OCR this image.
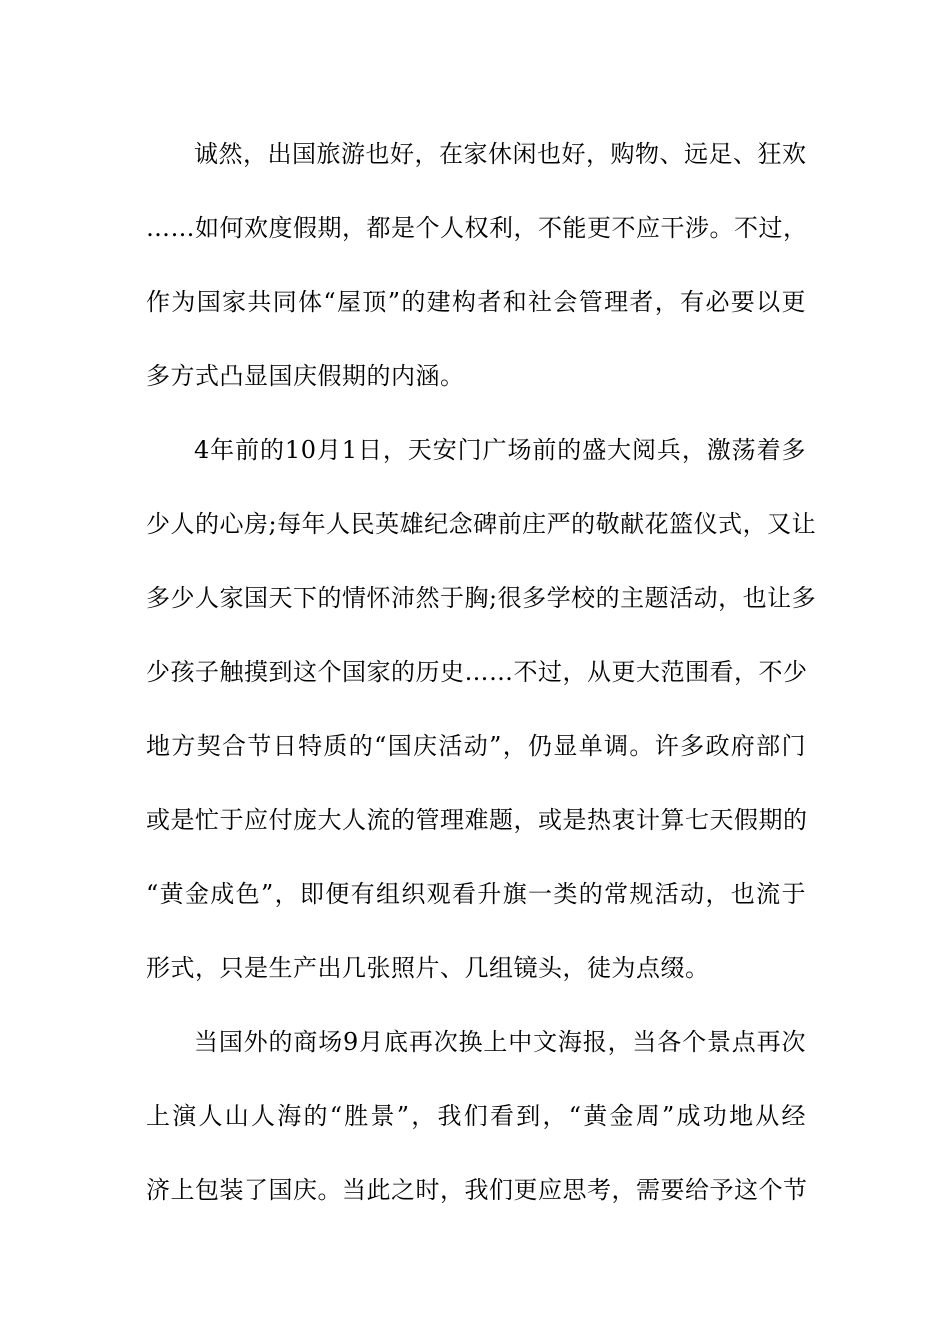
诚然，出国旅游也好，在家休闲也好，购物、远足、狂欢
……如何欢度假期，都是个人权利，不能更不应干涉。不过，
作为国家共同体“屋顶”的建构者和社会管理者，有必要以更
多方式凸显国庆假期的内涵。
4年前的10月1日，天安门广场前的盛大阅兵，激荡着多
少人的心房;每年人民英雄纪念碑前庄严的敬献花篮仪式，又让
多少人家国天下的情怀沛然于胸;很多学校的主题活动，也让多
少孩子触摸到这个国家的历史……不过，从更大范围看，不少
地方契合节日特质的“国庆活动”，仍显单调。许多政府部门
或是忙于应付庞大人流的管理难题，或是热衷计算七天假期的
“黄金成色”，即便有组织观看升旗一类的常规活动，也流于
形式，只是生产出几张照片、几组镜头，徒为点缀。
当国外的商场9月底再次换上中文海报，当各个景点再次
上演人山人海的“胜景”，我们看到，“黄金周”成功地从经
济上包装了国庆。当此之时，我们更应思考，需要给予这个节
